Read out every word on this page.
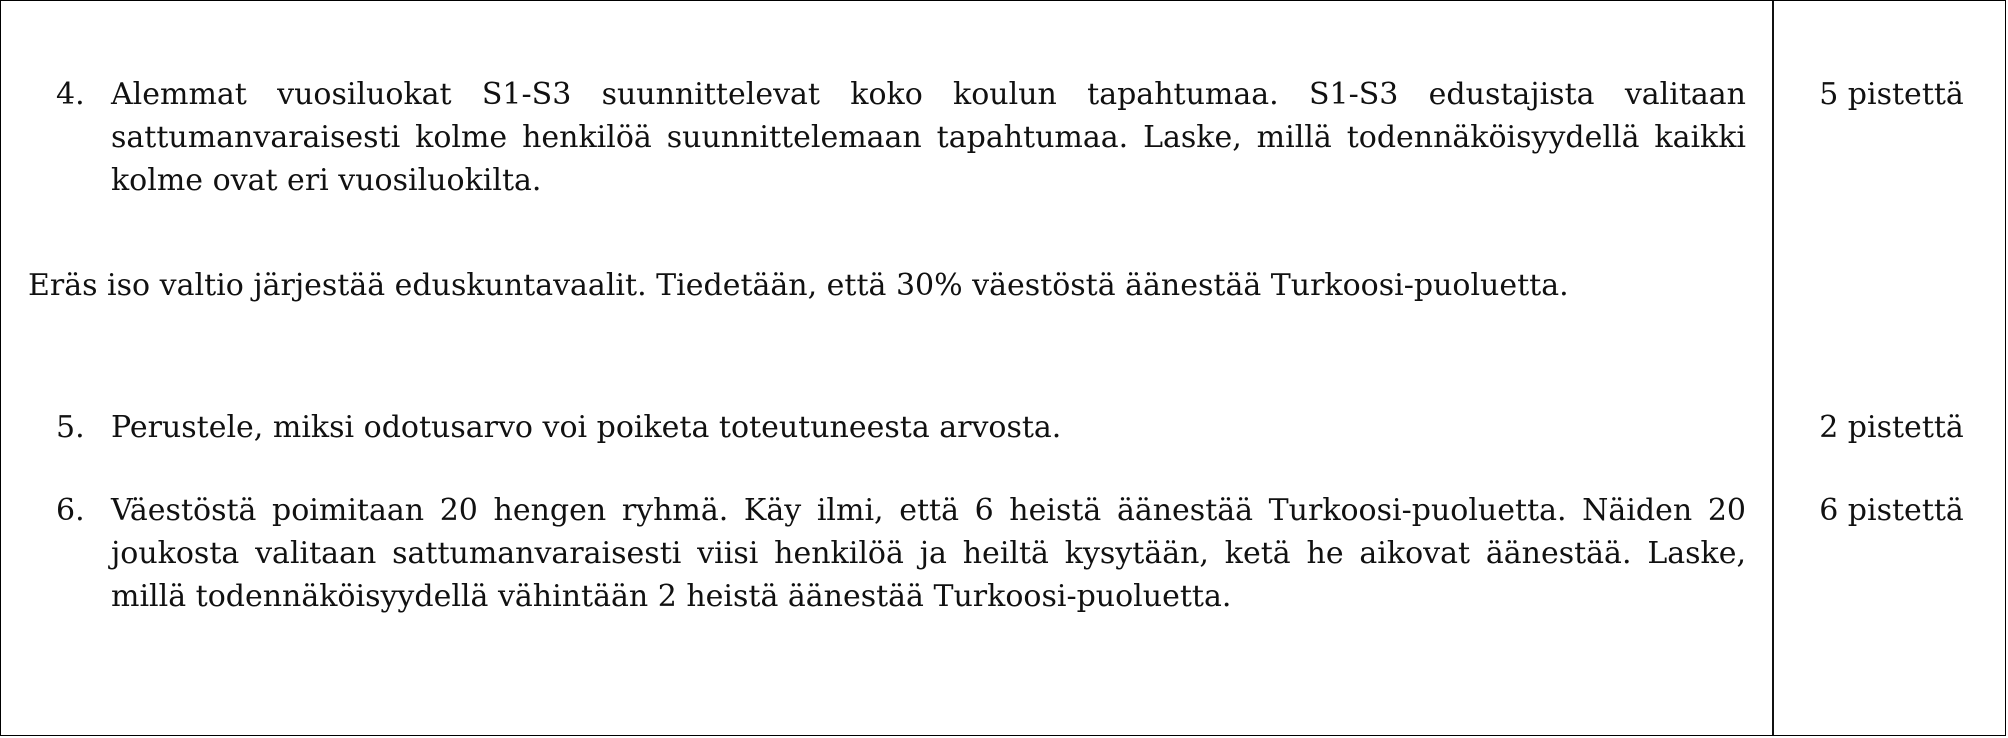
4. Alemmat vuosiluokat S1-S3 suunnittelevat koko koulun tapahtumaa. S1-S3 edustajista valitaan sattumanvaraisesti kolme henkilöä suunnittelemaan tapahtumaa. Laske, millä todennäköisyydellä kaikki kolme ovat eri vuosiluokilta.
Eräs iso valtio järjestää eduskuntavaalit. Tiedetään, että 30% väestöstä äänestää Turkoosi-puoluetta.
5. Perustele, miksi odotusarvo voi poiketa toteutuneesta arvosta.
6. Väestöstä poimitaan 20 hengen ryhmä. Käy ilmi, että 6 heistä äänestää Turkoosi-puoluetta. Näiden 20 joukosta valitaan sattumanvaraisesti viisi henkilöä ja heiltä kysytään, ketä he aikovat äänestää. Laske, millä todennäköisyydellä vähintään 2 heistä äänestää Turkoosi-puoluetta.
5 pistettä
2 pistettä
6 pistettä
